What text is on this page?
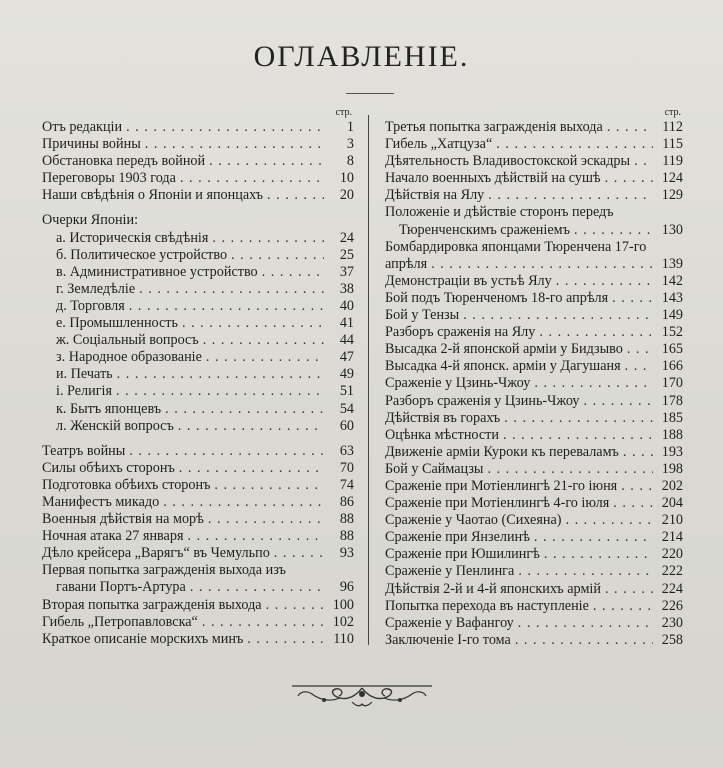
ОГЛАВЛЕНІЕ.
стр.
Отъ редакціи . . .	1
Причины войны . . .	3
Обстановка передъ войной . . .	8
Переговоры 1903 года . . .	10
Наши свѣдѣнія о Японіи и японцахъ . . .	20
Очерки Японіи:
а. Историческія свѣдѣнія . . .	24
б. Политическое устройство . . .	25
в. Административное устройство . . .	37
г. Земледѣліе . . .	38
д. Торговля . . .	40
е. Промышленность . . .	41
ж. Соціальный вопросъ . . .	44
з. Народное образованіе . . .	47
и. Печать . . .	49
і. Религія . . .	51
к. Бытъ японцевъ . . .	54
л. Женскій вопросъ . . .	60
Театръ войны . . .	63
Силы обѣихъ сторонъ . . .	70
Подготовка обѣихъ сторонъ . . .	74
Манифестъ микадо . . .	86
Военныя дѣйствія на морѣ . . .	88
Ночная атака 27 января . . .	88
Дѣло крейсера „Варягъ“ въ Чемульпо . . .	93
Первая попытка загражденія выхода изъ
гавани Портъ-Артура . . .	96
Вторая попытка загражденія выхода . . .	100
Гибель „Петропавловска“ . . .	102
Краткое описаніе морскихъ минъ . . .	110
стр.
Третья попытка загражденія выхода . . .	112
Гибель „Хатцуза“ . . .	115
Дѣятельность Владивостокской эскадры . . .	119
Начало военныхъ дѣйствій на сушѣ . . .	124
Дѣйствія на Ялу . . .	129
Положеніе и дѣйствіе сторонъ передъ
Тюренченскимъ сраженіемъ . . .	130
Бомбардировка японцами Тюренчена 17-го
апрѣля . . .	139
Демонстраціи въ устьѣ Ялу . . .	142
Бой подъ Тюренченомъ 18-го апрѣля . . .	143
Бой у Тензы . . .	149
Разборъ сраженія на Ялу . . .	152
Высадка 2-й японской арміи у Бидзыво . . .	165
Высадка 4-й японск. арміи у Дагушаня . . .	166
Сраженіе у Цзинь-Чжоу . . .	170
Разборъ сраженія у Цзинь-Чжоу . . .	178
Дѣйствія въ горахъ . . .	185
Оцѣнка мѣстности . . .	188
Движеніе арміи Куроки къ переваламъ . . .	193
Бой у Саймацзы . . .	198
Сраженіе при Мотіенлингѣ 21-го іюня . . .	202
Сраженіе при Мотіенлингѣ 4-го іюля . . .	204
Сраженіе у Чаотао (Сихеяна) . . .	210
Сраженіе при Янзелинѣ . . .	214
Сраженіе при Юшилингѣ . . .	220
Сраженіе у Пенлинга . . .	222
Дѣйствія 2-й и 4-й японскихъ армій . . .	224
Попытка перехода въ наступленіе . . .	226
Сраженіе у Вафангоу . . .	230
Заключеніе I-го тома . . .	258
